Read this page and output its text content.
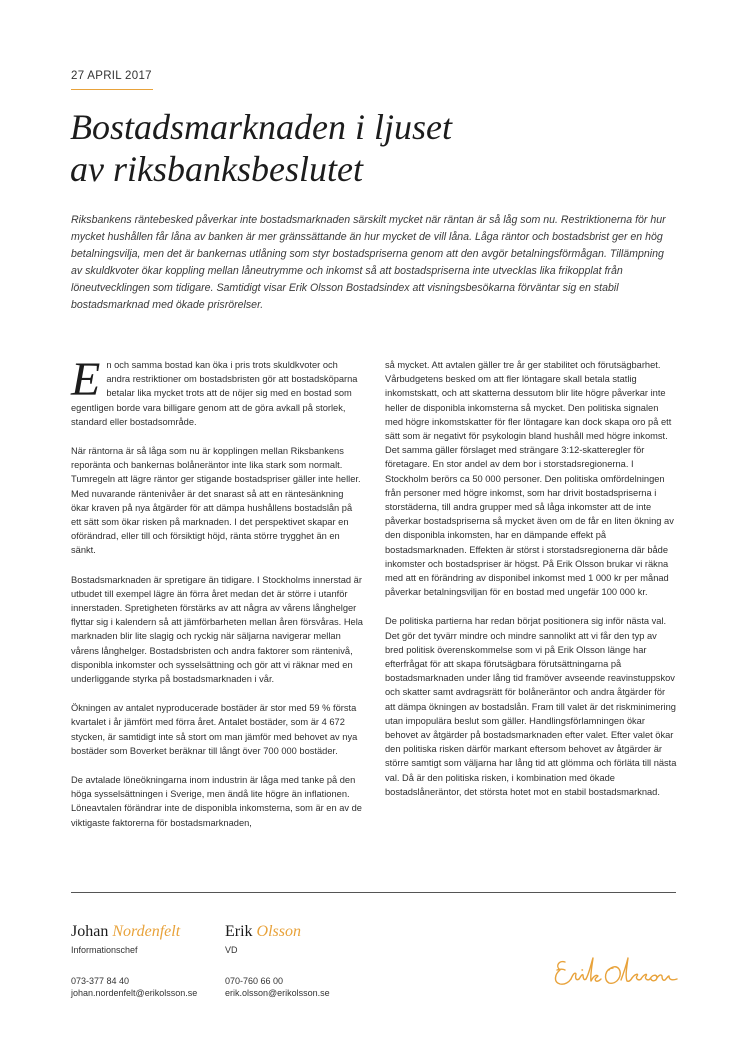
27 APRIL 2017
Bostadsmarknaden i ljuset
av riksbanksbeslutet

Riksbankens räntebesked påverkar inte bostadsmarknaden särskilt mycket när räntan är så låg som nu. Restriktionerna för hur mycket hushållen får låna av banken är mer gränssättande än hur mycket de vill låna. Låga räntor och bostadsbrist ger en hög betalningsvilja, men det är bankernas utlåning som styr bostadspriserna genom att den avgör betalningsförmågan. Tillämpning av skuldkvoter ökar koppling mellan låneutrymme och inkomst så att bostadspriserna inte utvecklas lika frikopplat från löneutvecklingen som tidigare. Samtidigt visar Erik Olsson Bostadsindex att visningsbesökarna förväntar sig en stabil bostadsmarknad med ökade prisrörelser.

En och samma bostad kan öka i pris trots skuldkvoter och andra restriktioner om bostadsbristen gör att bostadsköparna betalar lika mycket trots att de nöjer sig med en bostad som egentligen borde vara billigare genom att de göra avkall på storlek, standard eller bostadsområde.

När räntorna är så låga som nu är kopplingen mellan Riksbankens reporänta och bankernas bolåneräntor inte lika stark som normalt. Tumregeln att lägre räntor ger stigande bostadspriser gäller inte heller. Med nuvarande räntenivåer är det snarast så att en räntesänkning ökar kraven på nya åtgärder för att dämpa hushållens bostadslån på ett sätt som ökar risken på marknaden. I det perspektivet skapar en oförändrad, eller till och försiktigt höjd, ränta större trygghet än en sänkt.

Bostadsmarknaden är spretigare än tidigare. I Stockholms innerstad är utbudet till exempel lägre än förra året medan det är större i utanför innerstaden. Spretigheten förstärks av att några av vårens långhelger flyttar sig i kalendern så att jämförbarheten mellan åren försvåras. Hela marknaden blir lite slagig och ryckig när säljarna navigerar mellan vårens långhelger. Bostadsbristen och andra faktorer som räntenivå, disponibla inkomster och sysselsättning och gör att vi räknar med en underliggande styrka på bostadsmarknaden i vår.

Ökningen av antalet nyproducerade bostäder är stor med 59 % första kvartalet i år jämfört med förra året. Antalet bostäder, som är 4 672 stycken, är samtidigt inte så stort om man jämför med behovet av nya bostäder som Boverket beräknar till långt över 700 000 bostäder.

De avtalade löneökningarna inom industrin är låga med tanke på den höga sysselsättningen i Sverige, men ändå lite högre än inflationen. Löneavtalen förändrar inte de disponibla inkomsterna, som är en av de viktigaste faktorerna för bostadsmarknaden,

så mycket. Att avtalen gäller tre år ger stabilitet och förutsägbarhet. Vårbudgetens besked om att fler löntagare skall betala statlig inkomstskatt, och att skatterna dessutom blir lite högre påverkar inte heller de disponibla inkomsterna så mycket. Den politiska signalen med högre inkomstskatter för fler löntagare kan dock skapa oro på ett sätt som är negativt för psykologin bland hushåll med högre inkomst. Det samma gäller förslaget med strängare 3:12-skatteregler för företagare. En stor andel av dem bor i storstadsregionerna. I Stockholm berörs ca 50 000 personer. Den politiska omfördelningen från personer med högre inkomst, som har drivit bostadspriserna i storstäderna, till andra grupper med så låga inkomster att de inte påverkar bostadspriserna så mycket även om de får en liten ökning av den disponibla inkomsten, har en dämpande effekt på bostadsmarknaden. Effekten är störst i storstadsregionerna där både inkomster och bostadspriser är högst. På Erik Olsson brukar vi räkna med att en förändring av disponibel inkomst med 1 000 kr per månad påverkar betalningsviljan för en bostad med ungefär 100 000 kr.

De politiska partierna har redan börjat positionera sig inför nästa val. Det gör det tyvärr mindre och mindre sannolikt att vi får den typ av bred politisk överenskommelse som vi på Erik Olsson länge har efterfrågat för att skapa förutsägbara förutsättningarna på bostadsmarknaden under lång tid framöver avseende reavinstuppskov och skatter samt avdragsrätt för bolåneräntor och andra åtgärder för att dämpa ökningen av bostadslån. Fram till valet är det riskminimering utan impopulära beslut som gäller. Handlingsförlamningen ökar behovet av åtgärder på bostadsmarknaden efter valet. Efter valet ökar den politiska risken därför markant eftersom behovet av åtgärder är större samtigt som väljarna har lång tid att glömma och förläta till nästa val. Då är den politiska risken, i kombination med ökade bostadslåneräntor, det största hotet mot en stabil bostadsmarknad.

Johan Nordenfelt
Informationschef
073-377 84 40
johan.nordenfelt@erikolsson.se
Erik Olsson
VD
070-760 66 00
erik.olsson@erikolsson.se
